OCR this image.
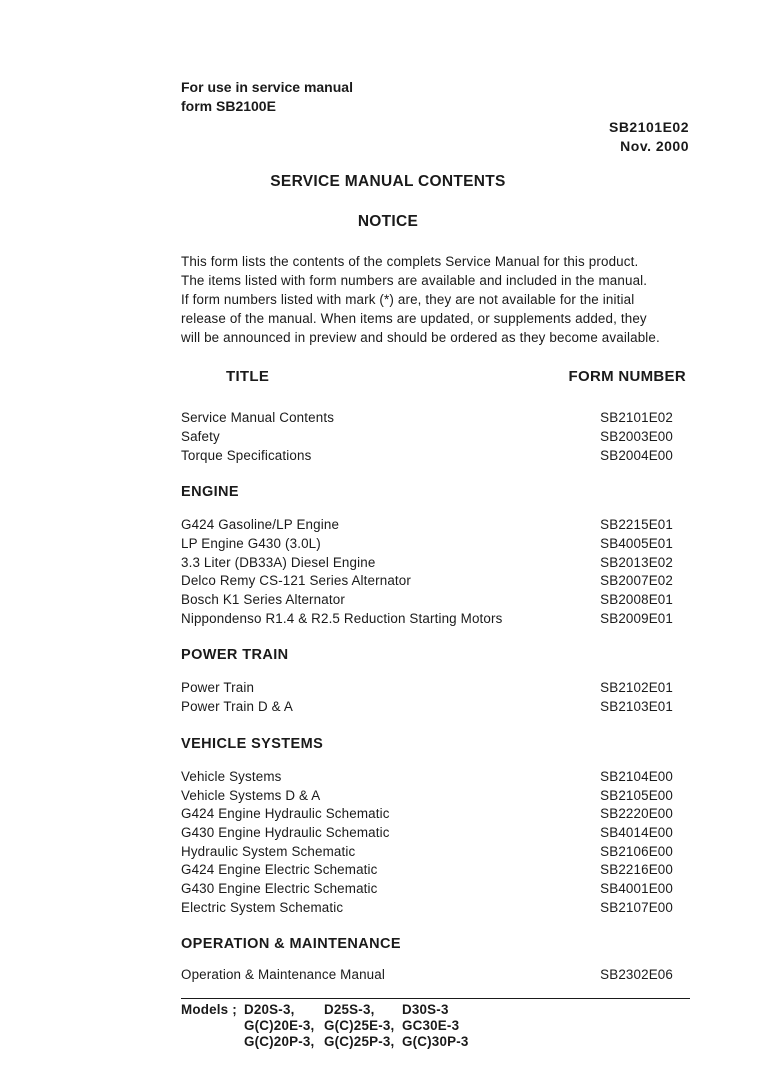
For use in service manual
form SB2100E
SB2101E02
Nov. 2000
SERVICE MANUAL CONTENTS
NOTICE
This form lists the contents of the complets Service Manual for this product.
The items listed with form numbers are available and included in the manual.
If form numbers listed with mark (*) are, they are not available for the initial
release of the manual. When items are updated, or supplements added, they
will be announced in preview and should be ordered as they become available.
TITLE	FORM NUMBER
Service Manual Contents	SB2101E02
Safety	SB2003E00
Torque Specifications	SB2004E00
ENGINE
G424 Gasoline/LP Engine	SB2215E01
LP Engine G430 (3.0L)	SB4005E01
3.3 Liter (DB33A) Diesel Engine	SB2013E02
Delco Remy CS-121 Series Alternator	SB2007E02
Bosch K1 Series Alternator	SB2008E01
Nippondenso R1.4 & R2.5 Reduction Starting Motors	SB2009E01
POWER TRAIN
Power Train	SB2102E01
Power Train D & A	SB2103E01
VEHICLE SYSTEMS
Vehicle Systems	SB2104E00
Vehicle Systems D & A	SB2105E00
G424 Engine Hydraulic Schematic	SB2220E00
G430 Engine Hydraulic Schematic	SB4014E00
Hydraulic System Schematic	SB2106E00
G424 Engine Electric Schematic	SB2216E00
G430 Engine Electric Schematic	SB4001E00
Electric System Schematic	SB2107E00
OPERATION & MAINTENANCE
Operation & Maintenance Manual	SB2302E06
Models ; D20S-3, D25S-3, D30S-3
G(C)20E-3, G(C)25E-3, GC30E-3
G(C)20P-3, G(C)25P-3, G(C)30P-3
